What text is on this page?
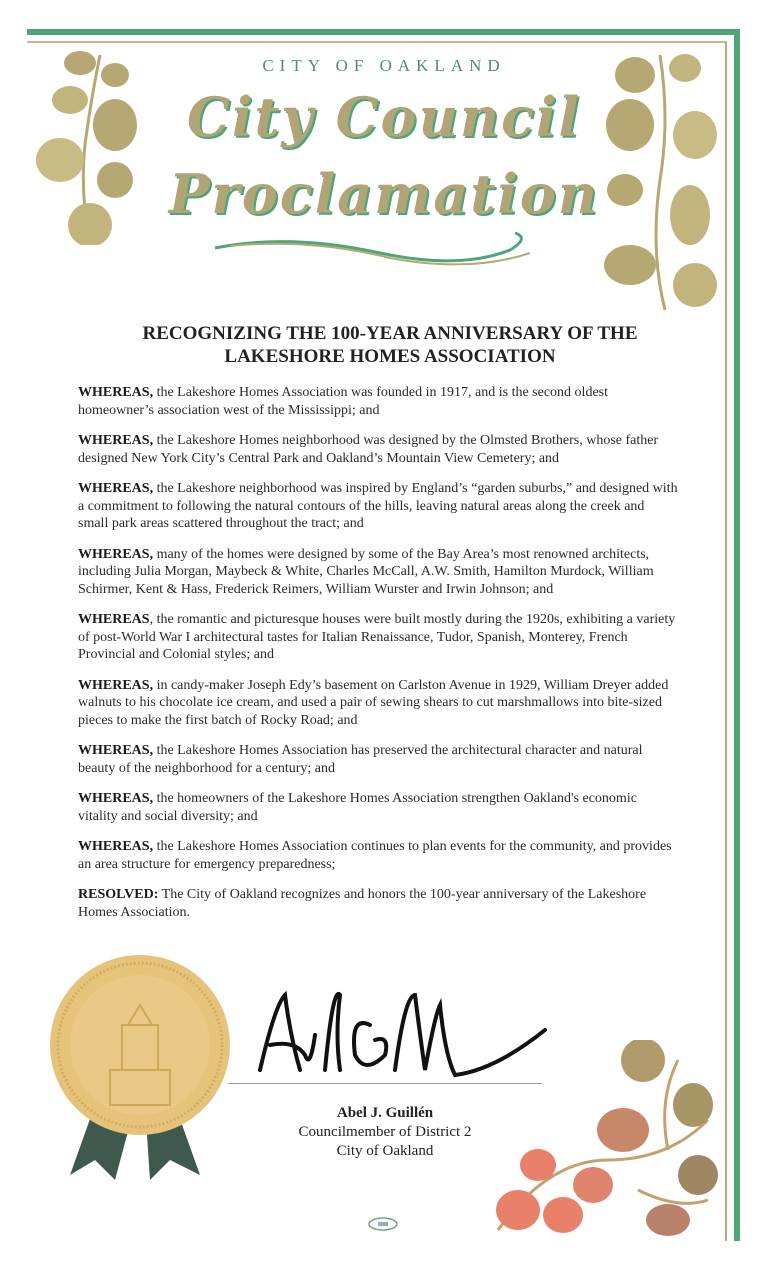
CITY OF OAKLAND
City Council
Proclamation
RECOGNIZING THE 100-YEAR ANNIVERSARY OF THE
LAKESHORE HOMES ASSOCIATION

WHEREAS, the Lakeshore Homes Association was founded in 1917, and is the second oldest homeowner’s association west of the Mississippi; and

WHEREAS, the Lakeshore Homes neighborhood was designed by the Olmsted Brothers, whose father designed New York City’s Central Park and Oakland’s Mountain View Cemetery; and

WHEREAS, the Lakeshore neighborhood was inspired by England’s “garden suburbs,” and designed with a commitment to following the natural contours of the hills, leaving natural areas along the creek and small park areas scattered throughout the tract; and

WHEREAS, many of the homes were designed by some of the Bay Area’s most renowned architects, including Julia Morgan, Maybeck & White, Charles McCall, A.W. Smith, Hamilton Murdock, William Schirmer, Kent & Hass, Frederick Reimers, William Wurster and Irwin Johnson; and

WHEREAS, the romantic and picturesque houses were built mostly during the 1920s, exhibiting a variety of post-World War I architectural tastes for Italian Renaissance, Tudor, Spanish, Monterey, French Provincial and Colonial styles; and

WHEREAS, in candy-maker Joseph Edy’s basement on Carlston Avenue in 1929, William Dreyer added walnuts to his chocolate ice cream, and used a pair of sewing shears to cut marshmallows into bite-sized pieces to make the first batch of Rocky Road; and

WHEREAS, the Lakeshore Homes Association has preserved the architectural character and natural beauty of the neighborhood for a century; and

WHEREAS, the homeowners of the Lakeshore Homes Association strengthen Oakland's economic vitality and social diversity; and

WHEREAS, the Lakeshore Homes Association continues to plan events for the community, and provides an area structure for emergency preparedness;

RESOLVED: The City of Oakland recognizes and honors the 100-year anniversary of the Lakeshore Homes Association.

Abel J. Guillén
Councilmember of District 2
City of Oakland
